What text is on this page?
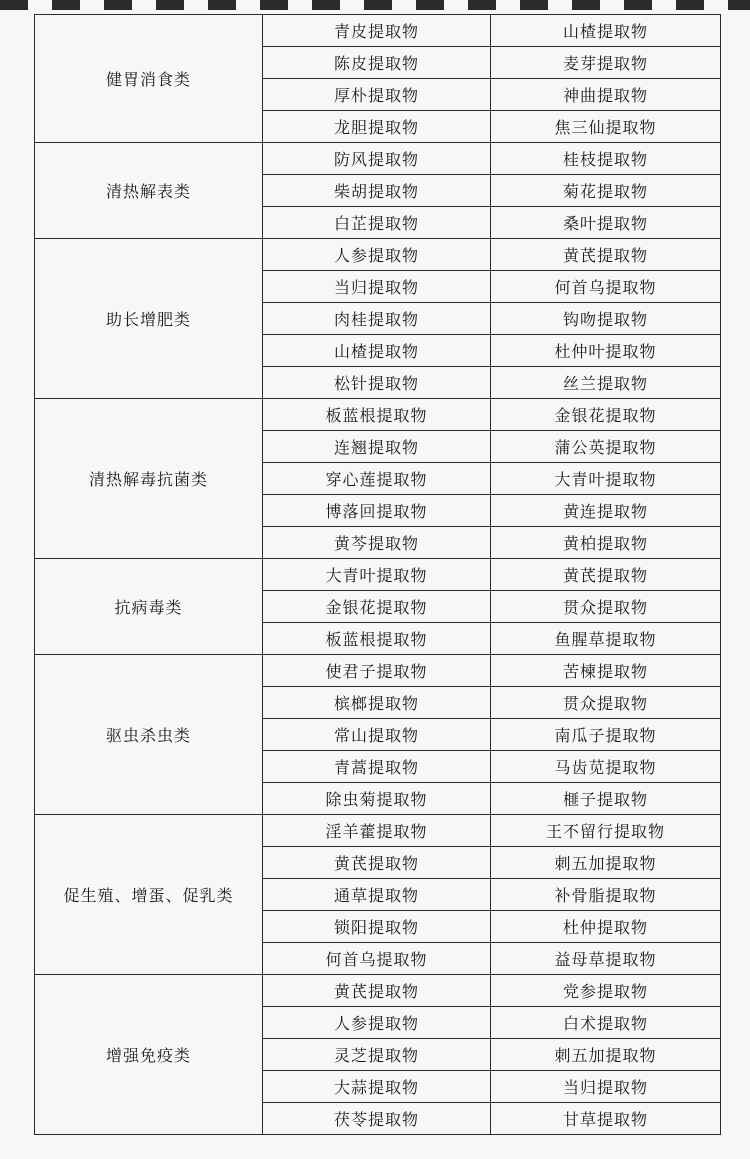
健胃消食类	青皮提取物	山楂提取物
	陈皮提取物	麦芽提取物
	厚朴提取物	神曲提取物
	龙胆提取物	焦三仙提取物
清热解表类	防风提取物	桂枝提取物
	柴胡提取物	菊花提取物
	白芷提取物	桑叶提取物
助长增肥类	人参提取物	黄芪提取物
	当归提取物	何首乌提取物
	肉桂提取物	钩吻提取物
	山楂提取物	杜仲叶提取物
	松针提取物	丝兰提取物
清热解毒抗菌类	板蓝根提取物	金银花提取物
	连翘提取物	蒲公英提取物
	穿心莲提取物	大青叶提取物
	博落回提取物	黄连提取物
	黄芩提取物	黄柏提取物
抗病毒类	大青叶提取物	黄芪提取物
	金银花提取物	贯众提取物
	板蓝根提取物	鱼腥草提取物
驱虫杀虫类	使君子提取物	苦楝提取物
	槟榔提取物	贯众提取物
	常山提取物	南瓜子提取物
	青蒿提取物	马齿苋提取物
	除虫菊提取物	榧子提取物
促生殖、增蛋、促乳类	淫羊藿提取物	王不留行提取物
	黄芪提取物	刺五加提取物
	通草提取物	补骨脂提取物
	锁阳提取物	杜仲提取物
	何首乌提取物	益母草提取物
增强免疫类	黄芪提取物	党参提取物
	人参提取物	白术提取物
	灵芝提取物	刺五加提取物
	大蒜提取物	当归提取物
	茯苓提取物	甘草提取物
